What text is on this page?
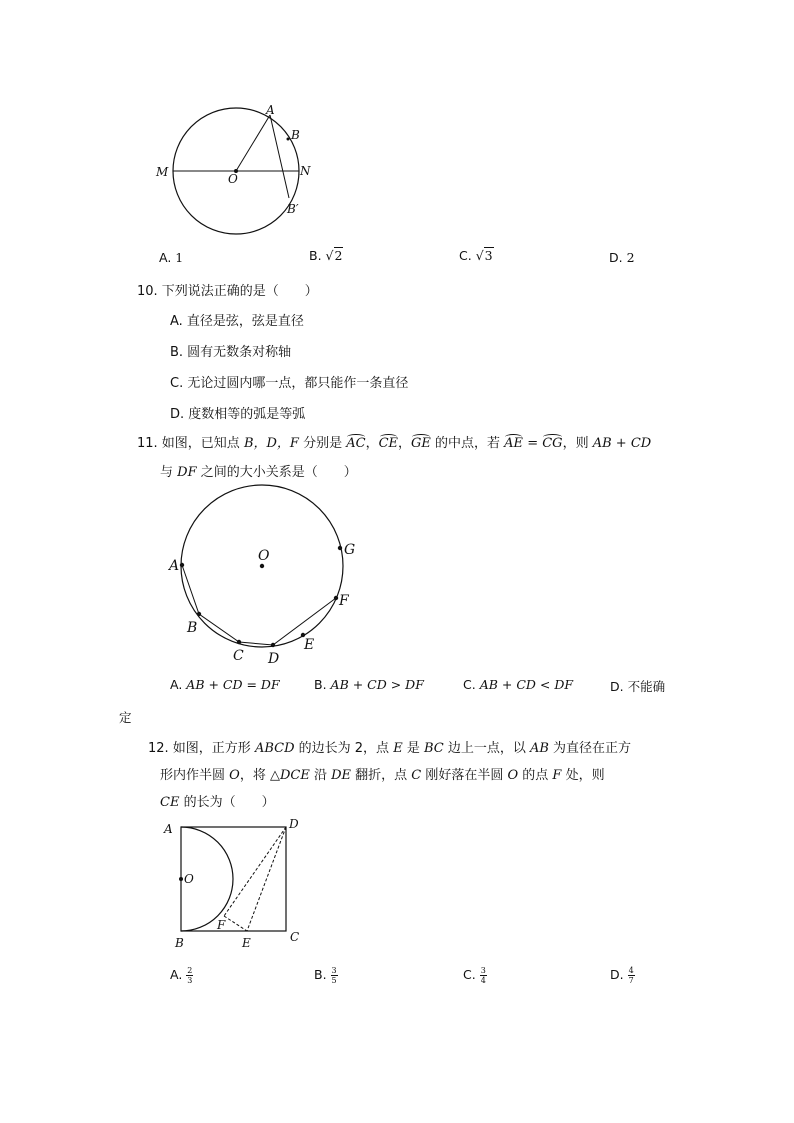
A
B
M	O
N
B′
A. 1	B. √2	C. √3	D. 2
10. 下列说法正确的是（　　）
A. 直径是弦，弦是直径
B. 圆有无数条对称轴
C. 无论过圆内哪一点，都只能作一条直径
D. 度数相等的弧是等弧
11. 如图，已知点 B，D，F 分别是 AC，CE，GE 的中点，若 AE = CG，则 AB + CD
与 DF 之间的大小关系是（　　）
O
A
B
C D
E
F
G
A. AB + CD = DF	B. AB + CD > DF	C. AB + CD < DF	D. 不能确
定
12. 如图，正方形 ABCD 的边长为 2，点 E 是 BC 边上一点，以 AB 为直径在正方
形内作半圆 O，将 △DCE 沿 DE 翻折，点 C 刚好落在半圆 O 的点 F 处，则
CE 的长为（　　）
A	D
O
F
B	E	C
A. $\frac{2}{3}$	B. $\frac{3}{5}$	C. $\frac{3}{4}$	D. $\frac{4}{7}$
